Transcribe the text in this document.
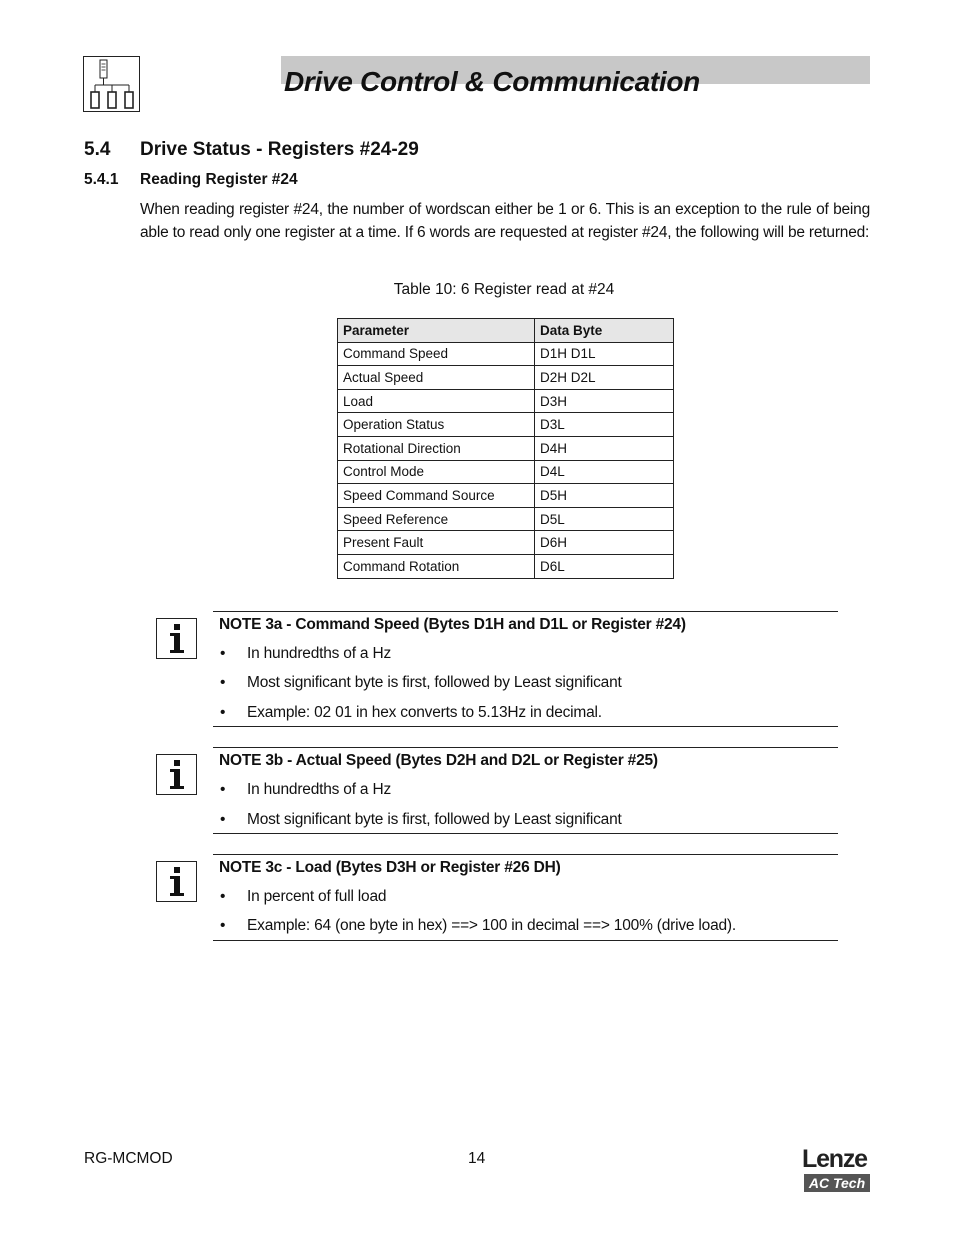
Drive Control & Communication
5.4 Drive Status - Registers #24-29
5.4.1 Reading Register #24
When reading register #24, the number of wordscan either be 1 or 6. This is an exception to the rule of being able to read only one register at a time. If 6 words are requested at register #24, the following will be returned:
Table 10: 6 Register read at #24
Parameter	Data Byte
Command Speed	D1H D1L
Actual Speed	D2H D2L
Load	D3H
Operation Status	D3L
Rotational Direction	D4H
Control Mode	D4L
Speed Command Source	D5H
Speed Reference	D5L
Present Fault	D6H
Command Rotation	D6L
NOTE 3a - Command Speed (Bytes D1H and D1L or Register #24)
• In hundredths of a Hz
• Most significant byte is first, followed by Least significant
• Example: 02 01 in hex converts to 5.13Hz in decimal.
NOTE 3b - Actual Speed (Bytes D2H and D2L or Register #25)
• In hundredths of a Hz
• Most significant byte is first, followed by Least significant
NOTE 3c - Load (Bytes D3H or Register #26 DH)
• In percent of full load
• Example: 64 (one byte in hex) ==> 100 in decimal ==> 100% (drive load).
RG-MCMOD	14	Lenze
AC Tech
